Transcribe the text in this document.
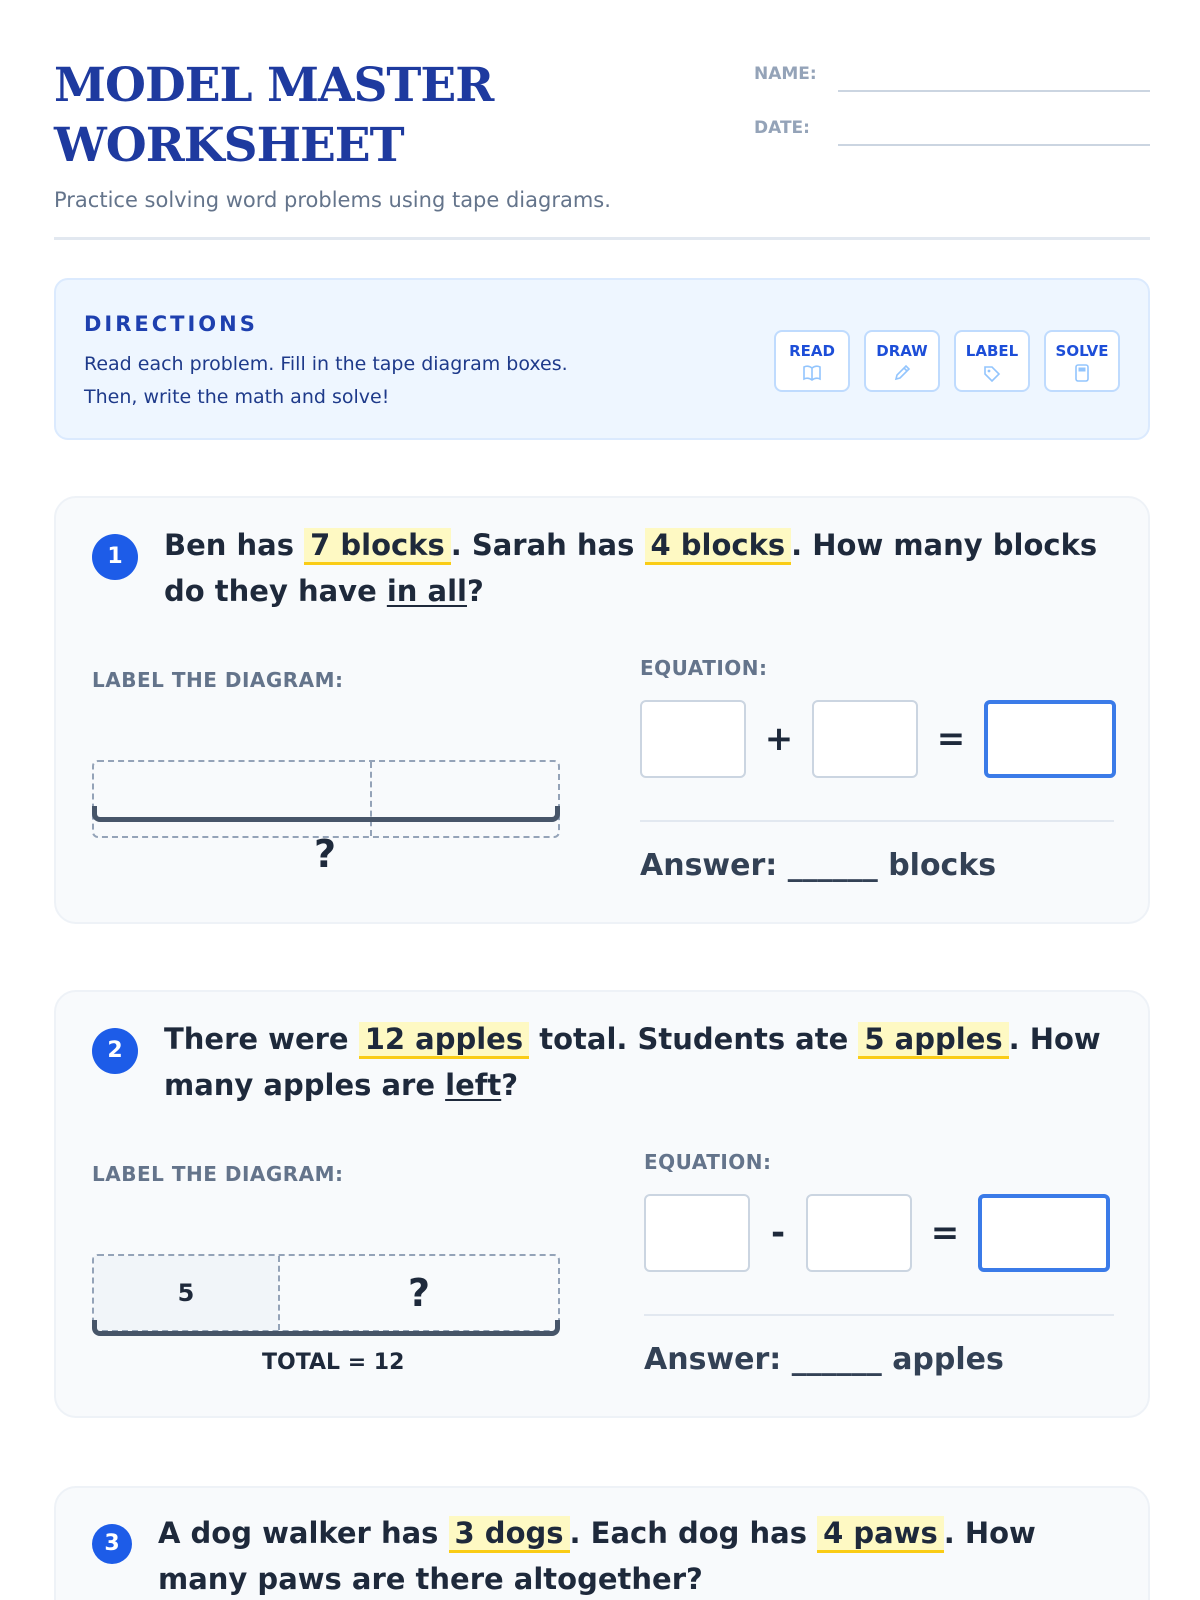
MODEL MASTER
WORKSHEET
Practice solving word problems using tape diagrams.
NAME:
DATE:
DIRECTIONS
Read each problem. Fill in the tape diagram boxes.
Then, write the math and solve!
READ	DRAW	LABEL	SOLVE
1	Ben has 7 blocks . Sarah has 4 blocks . How many blocks do they have in all?
LABEL THE DIAGRAM:
?
EQUATION:
+	=
Answer: ______ blocks
2	There were 12 apples total. Students ate 5 apples . How many apples are left?
LABEL THE DIAGRAM:
5	?
TOTAL = 12
EQUATION:
-	=
Answer: ______ apples
3	A dog walker has 3 dogs . Each dog has 4 paws . How many paws are there altogether?
